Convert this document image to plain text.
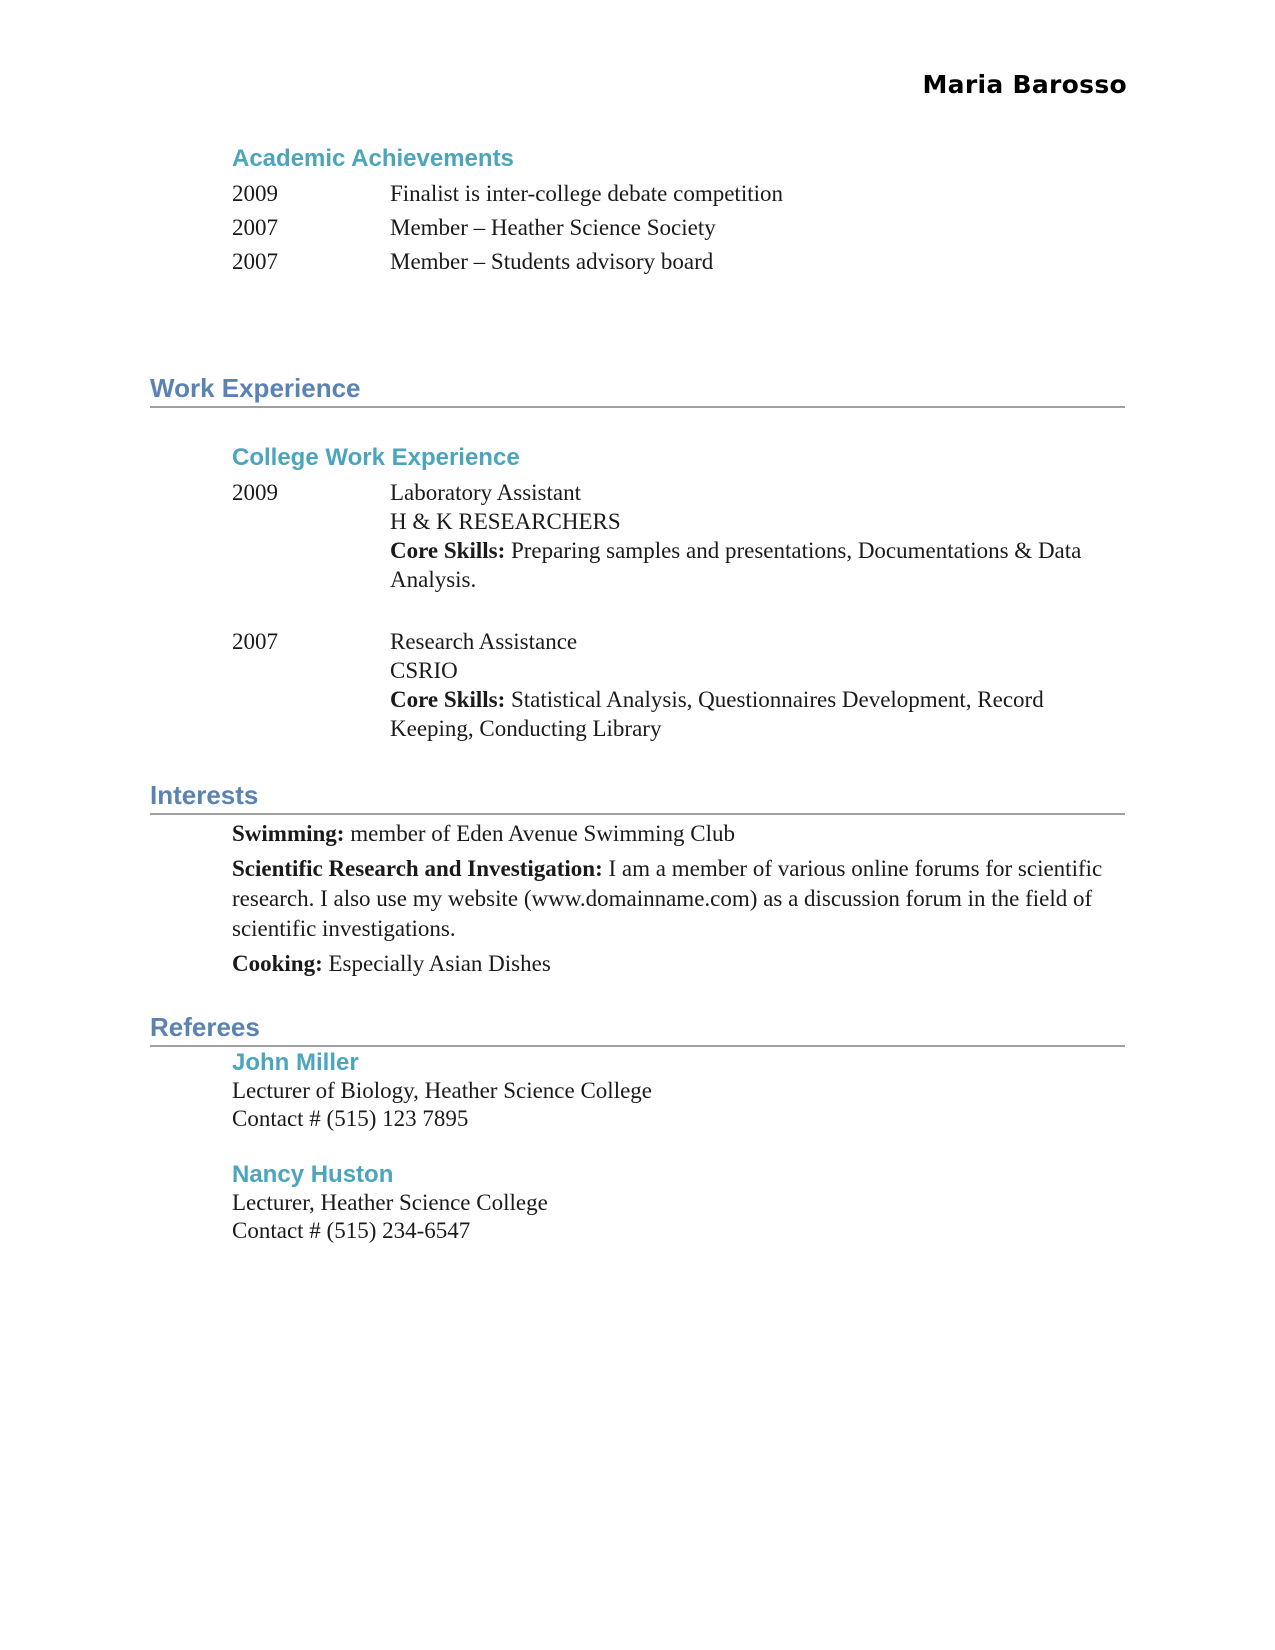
Maria Barosso
Academic Achievements
2009	Finalist is inter-college debate competition
2007	Member – Heather Science Society
2007	Member – Students advisory board
Work Experience
College Work Experience
2009	Laboratory Assistant
H & K RESEARCHERS
Core Skills: Preparing samples and presentations, Documentations & Data Analysis.
2007	Research Assistance
CSRIO
Core Skills: Statistical Analysis, Questionnaires Development, Record Keeping, Conducting Library
Interests
Swimming: member of Eden Avenue Swimming Club
Scientific Research and Investigation: I am a member of various online forums for scientific research. I also use my website (www.domainname.com) as a discussion forum in the field of scientific investigations.
Cooking: Especially Asian Dishes
Referees
John Miller
Lecturer of Biology, Heather Science College
Contact # (515) 123 7895
Nancy Huston
Lecturer, Heather Science College
Contact # (515) 234-6547
